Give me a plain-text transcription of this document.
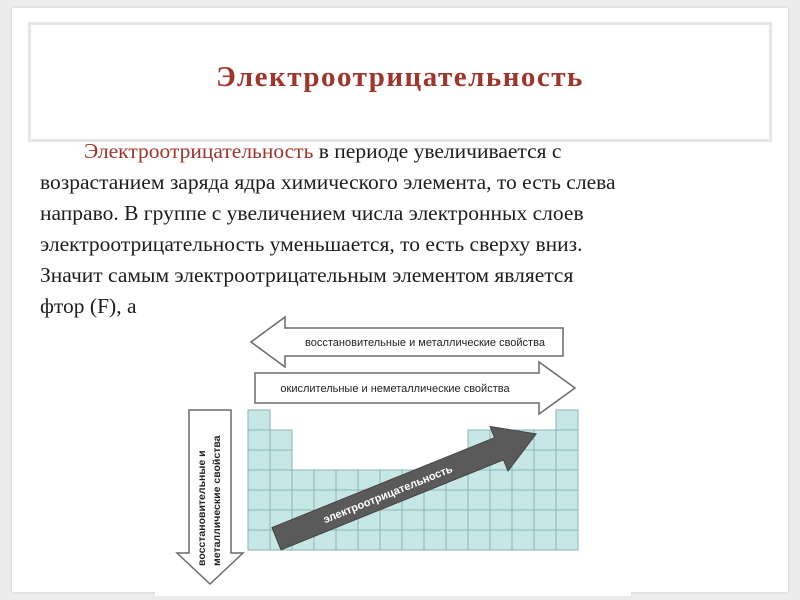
Электроотрицательность
Электроотрицательность в периоде увеличивается с
возрастанием заряда ядра химического элемента, то есть слева
направо. В группе с увеличением числа электронных слоев
электроотрицательность уменьшается, то есть сверху вниз.
Значит самым электроотрицательным элементом является
фтор (F), а
восстановительные и металлические свойства
окислительные и неметаллические свойства
восстановительные и металлические свойства	электроотрицательность
